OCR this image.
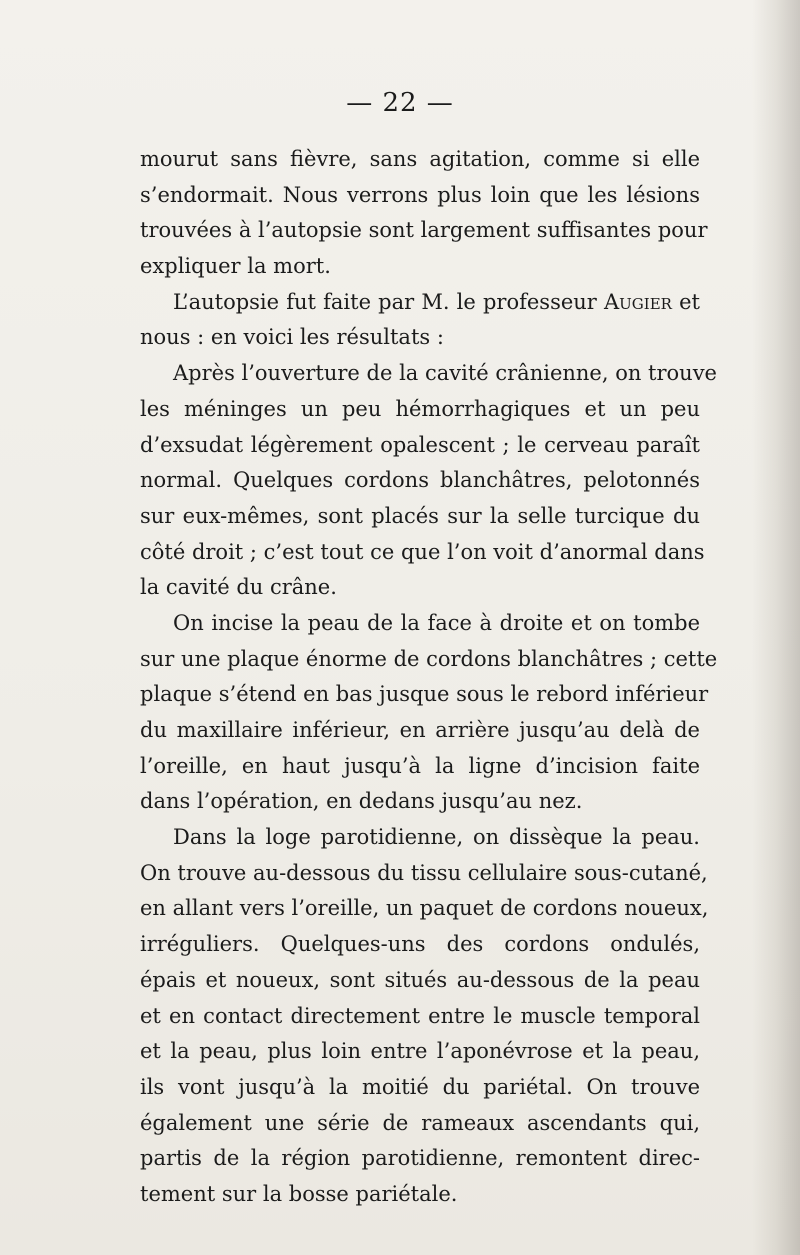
— 22 —
mourut sans fièvre, sans agitation, comme si elle
s’endormait. Nous verrons plus loin que les lésions
trouvées à l’autopsie sont largement suffisantes pour
expliquer la mort.
L’autopsie fut faite par M. le professeur Augier et
nous : en voici les résultats :
Après l’ouverture de la cavité crânienne, on trouve
les méninges un peu hémorrhagiques et un peu
d’exsudat légèrement opalescent ; le cerveau paraît
normal. Quelques cordons blanchâtres, pelotonnés
sur eux-mêmes, sont placés sur la selle turcique du
côté droit ; c’est tout ce que l’on voit d’anormal dans
la cavité du crâne.
On incise la peau de la face à droite et on tombe
sur une plaque énorme de cordons blanchâtres ; cette
plaque s’étend en bas jusque sous le rebord inférieur
du maxillaire inférieur, en arrière jusqu’au delà de
l’oreille, en haut jusqu’à la ligne d’incision faite
dans l’opération, en dedans jusqu’au nez.
Dans la loge parotidienne, on dissèque la peau.
On trouve au-dessous du tissu cellulaire sous-cutané,
en allant vers l’oreille, un paquet de cordons noueux,
irréguliers. Quelques-uns des cordons ondulés,
épais et noueux, sont situés au-dessous de la peau
et en contact directement entre le muscle temporal
et la peau, plus loin entre l’aponévrose et la peau,
ils vont jusqu’à la moitié du pariétal. On trouve
également une série de rameaux ascendants qui,
partis de la région parotidienne, remontent direc-
tement sur la bosse pariétale.
